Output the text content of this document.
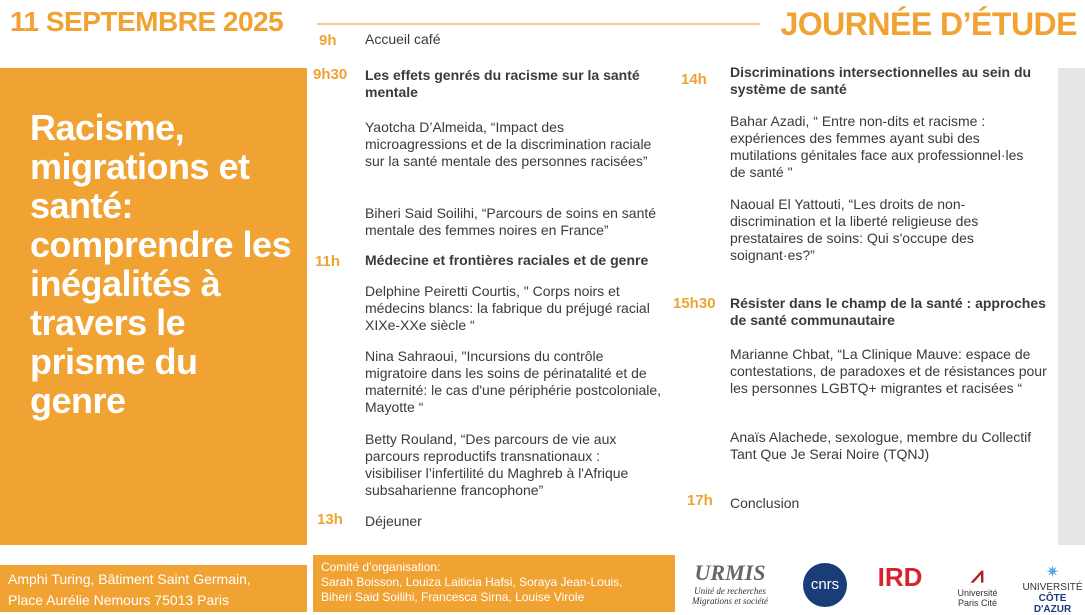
11 SEPTEMBRE 2025	JOURNÉE D’ÉTUDE
Racisme, migrations et santé: comprendre les inégalités à travers le prisme du genre
9h Accueil café
9h30 Les effets genrés du racisme sur la santé mentale
Yaotcha D’Almeida, “Impact des microagressions et de la discrimination raciale sur la santé mentale des personnes racisées”
Biheri Said Soilihi, “Parcours de soins en santé mentale des femmes noires en France”
11h Médecine et frontières raciales et de genre
Delphine Peiretti Courtis, " Corps noirs et médecins blancs: la fabrique du préjugé racial XIXe-XXe siècle “
Nina Sahraoui, "Incursions du contrôle migratoire dans les soins de périnatalité et de maternité: le cas d'une périphérie postcoloniale, Mayotte “
Betty Rouland, “Des parcours de vie aux parcours reproductifs transnationaux : visibiliser l’infertilité du Maghreb à l'Afrique subsaharienne francophone”
13h Déjeuner
14h Discriminations intersectionnelles au sein du système de santé
Bahar Azadi, “ Entre non-dits et racisme : expériences des femmes ayant subi des mutilations génitales face aux professionnel·les de santé "
Naoual El Yattouti, “Les droits de non-discrimination et la liberté religieuse des prestataires de soins: Qui s'occupe des soignant·es?”
15h30 Résister dans le champ de la santé : approches de santé communautaire
Marianne Chbat, “La Clinique Mauve: espace de contestations, de paradoxes et de résistances pour les personnes LGBTQ+ migrantes et racisées “
Anaïs Alachede, sexologue, membre du Collectif Tant Que Je Serai Noire (TQNJ)
17h Conclusion
Amphi Turing, Bâtiment Saint Germain,
Place Aurélie Nemours 75013 Paris
Comité d’organisation:
Sarah Boisson, Louiza Laiticia Hafsi, Soraya Jean-Louis,
Biheri Said Soilihi, Francesca Sirna, Louise Virole
URMIS
Unité de recherches
Migrations et société
cnrs	IRD	⩘
Université Paris Cité
✷
UNIVERSITÉ
CÔTE D'AZUR
